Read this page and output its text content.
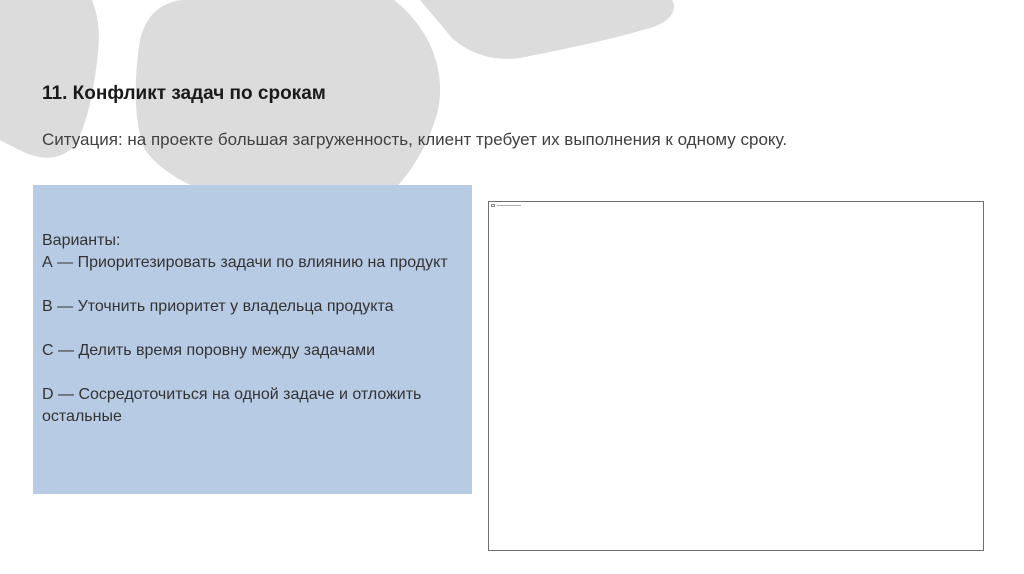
11. Конфликт задач по срокам

Ситуация: на проекте большая загруженность, клиент требует их выполнения к одному сроку.

Варианты:

А — Приоритезировать задачи по влиянию на продукт

В — Уточнить приоритет у владельца продукта

С — Делить время поровну между задачами

D — Сосредоточиться на одной задаче и отложить остальные
